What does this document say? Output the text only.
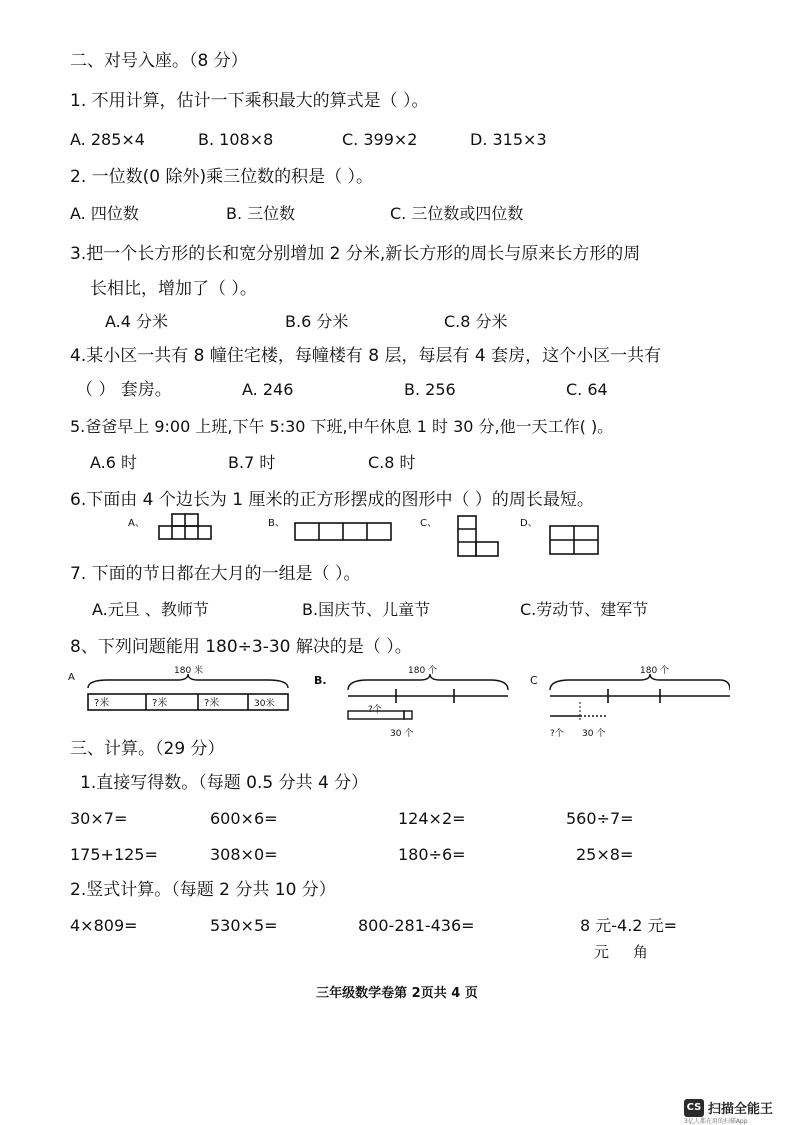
二、对号入座。（8 分）
1. 不用计算，估计一下乘积最大的算式是（ ）。
A. 285×4	B. 108×8	C. 399×2	D. 315×3
2. 一位数(0 除外)乘三位数的积是（ ）。
A. 四位数	B. 三位数	C. 三位数或四位数
3.把一个长方形的长和宽分别增加 2 分米,新长方形的周长与原来长方形的周
长相比，增加了（ ）。
A.4 分米	B.6 分米	C.8 分米
4.某小区一共有 8 幢住宅楼，每幢楼有 8 层，每层有 4 套房，这个小区一共有
（ ） 套房。	A. 246	B. 256	C. 64
5.爸爸早上 9:00 上班,下午 5:30 下班,中午休息 1 时 30 分,他一天工作( )。
A.6 时	B.7 时	C.8 时
6.下面由 4 个边长为 1 厘米的正方形摆成的图形中（ ）的周长最短。
A、	B、	C、	D、
7. 下面的节日都在大月的一组是（ ）。
A.元旦 、教师节	B.国庆节、儿童节	C.劳动节、建军节
8、下列问题能用 180÷3-30 解决的是（ ）。
A
180 米
?米	?米	?米	30米
B.
180 个
?个
30 个
C
180 个
?个 30 个
三、计算。（29 分）
1.直接写得数。（每题 0.5 分共 4 分）
30×7=	600×6=	124×2=	560÷7=
175+125=	308×0=	180÷6=	25×8=
2.竖式计算。（每题 2 分共 10 分）
4×809=	530×5=	800-281-436=	8 元-4.2 元=
元     角
三年级数学卷第 2页共 4 页
CS 扫描全能王
3亿人都在用的扫描App
